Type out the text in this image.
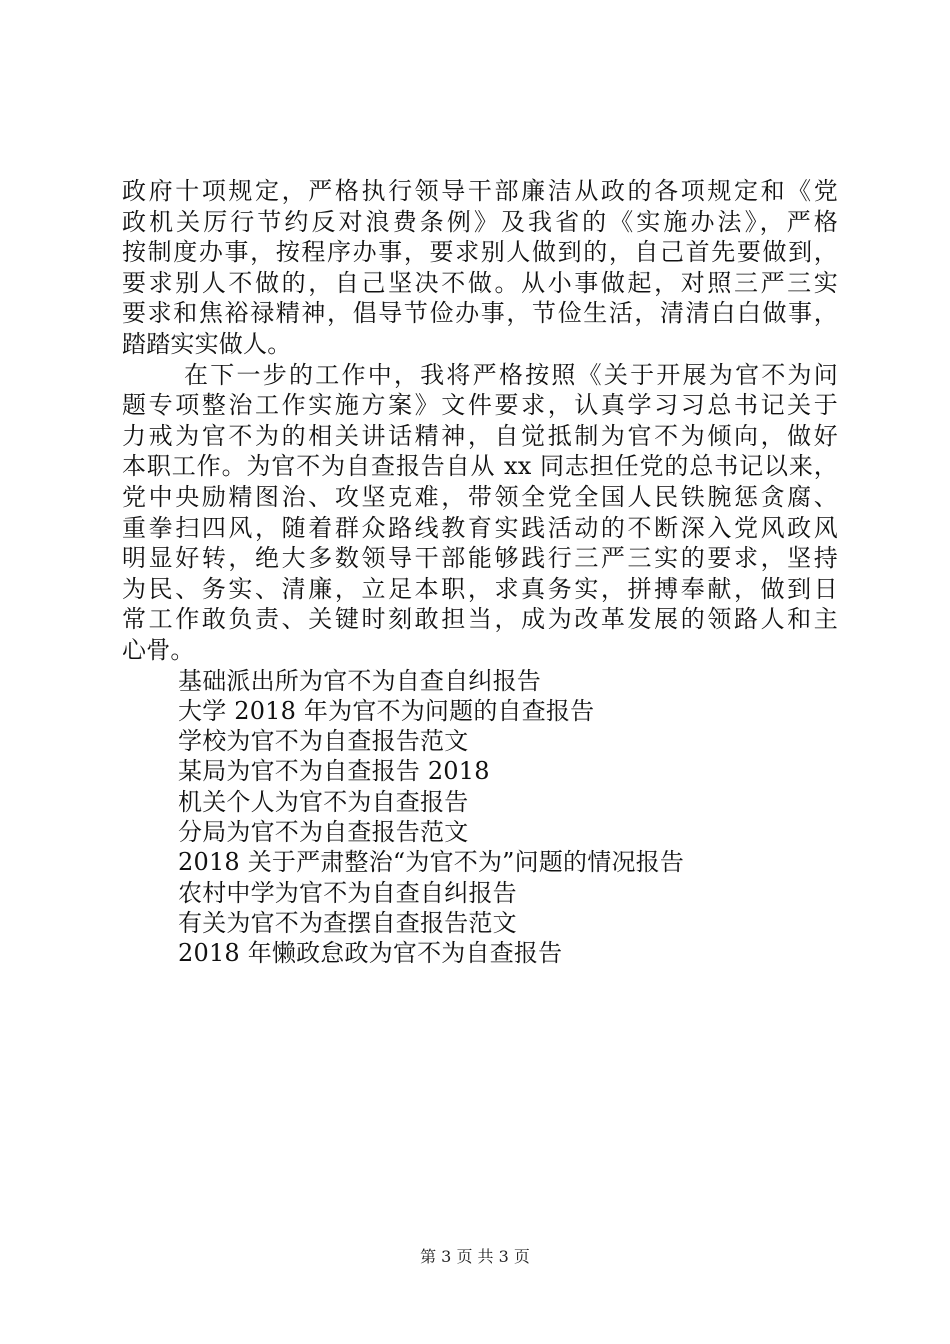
政府十项规定，严格执行领导干部廉洁从政的各项规定和《党
政机关厉行节约反对浪费条例》及我省的《实施办法》，严格
按制度办事，按程序办事，要求别人做到的，自己首先要做到，
要求别人不做的，自己坚决不做。从小事做起，对照三严三实
要求和焦裕禄精神，倡导节俭办事，节俭生活，清清白白做事，
踏踏实实做人。
在下一步的工作中，我将严格按照《关于开展为官不为问
题专项整治工作实施方案》文件要求，认真学习习总书记关于
力戒为官不为的相关讲话精神，自觉抵制为官不为倾向，做好
本职工作。为官不为自查报告自从 xx 同志担任党的总书记以来，
党中央励精图治、攻坚克难，带领全党全国人民铁腕惩贪腐、
重拳扫四风，随着群众路线教育实践活动的不断深入党风政风
明显好转，绝大多数领导干部能够践行三严三实的要求，坚持
为民、务实、清廉，立足本职，求真务实，拼搏奉献，做到日
常工作敢负责、关键时刻敢担当，成为改革发展的领路人和主
心骨。
基础派出所为官不为自查自纠报告
大学 2018 年为官不为问题的自查报告
学校为官不为自查报告范文
某局为官不为自查报告 2018
机关个人为官不为自查报告
分局为官不为自查报告范文
2018 关于严肃整治“为官不为”问题的情况报告
农村中学为官不为自查自纠报告
有关为官不为查摆自查报告范文
2018 年懒政怠政为官不为自查报告
第 3 页 共 3 页
